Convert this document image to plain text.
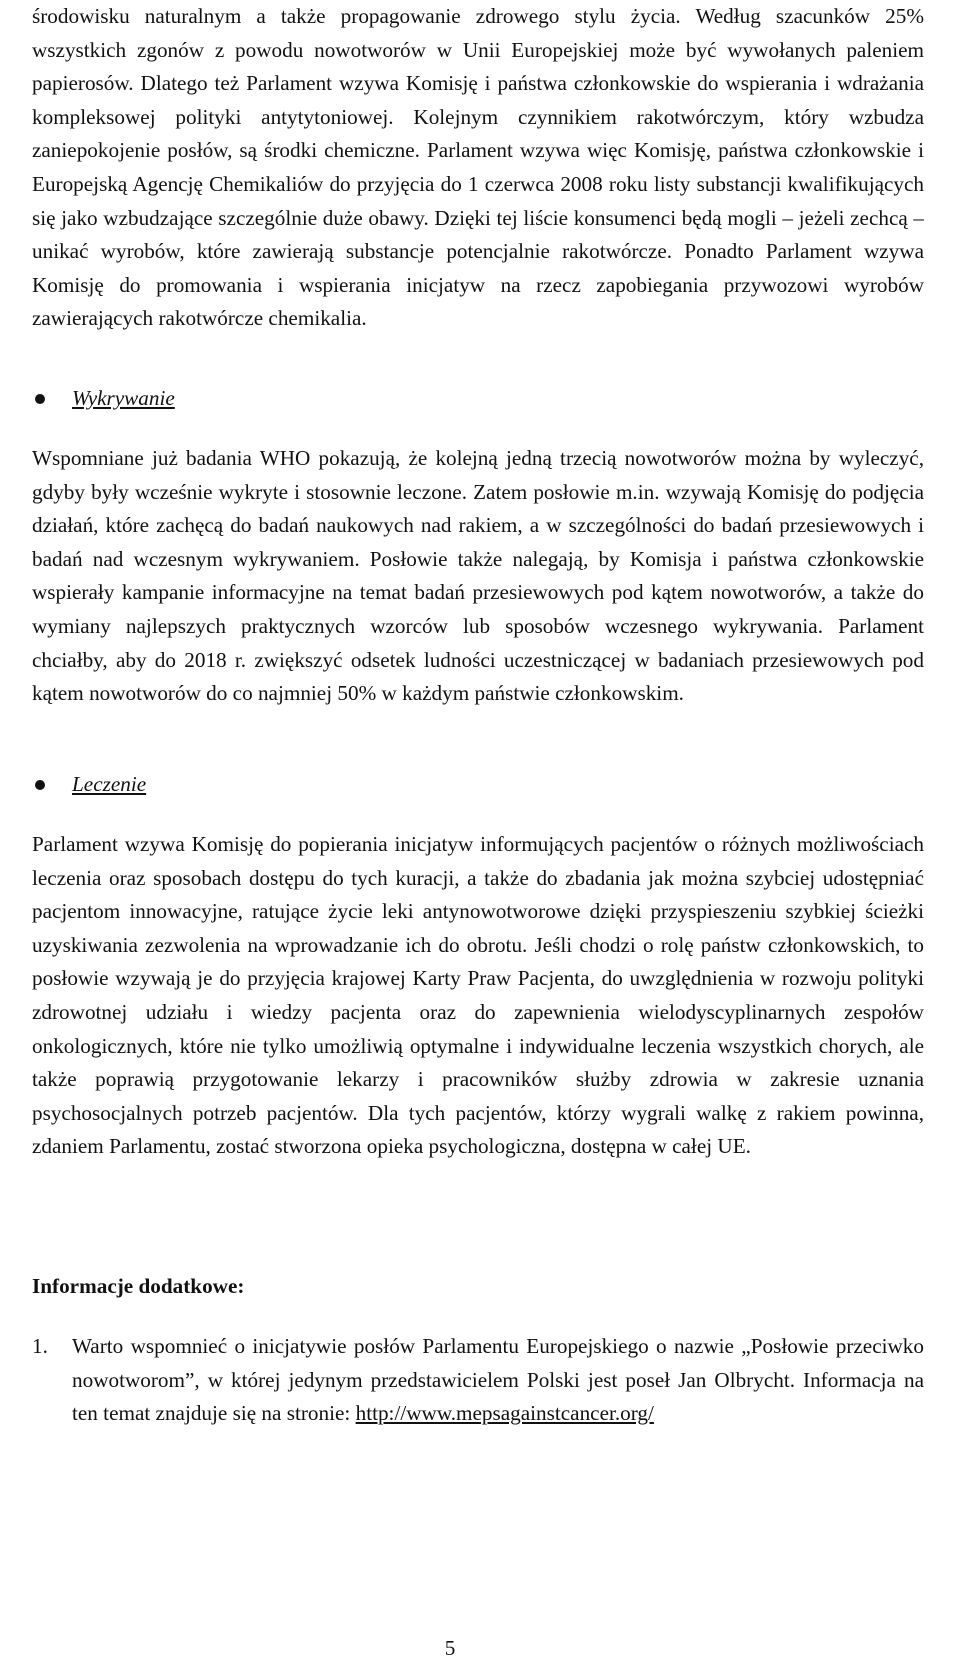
środowisku naturalnym a także propagowanie zdrowego stylu życia. Według szacunków 25% wszystkich zgonów z powodu nowotworów w Unii Europejskiej może być wywołanych paleniem papierosów. Dlatego też Parlament wzywa Komisję i państwa członkowskie do wspierania i wdrażania kompleksowej polityki antytytoniowej. Kolejnym czynnikiem rakotwórczym, który wzbudza zaniepokojenie posłów, są środki chemiczne. Parlament wzywa więc Komisję, państwa członkowskie i Europejską Agencję Chemikaliów do przyjęcia do 1 czerwca 2008 roku listy substancji kwalifikujących się jako wzbudzające szczególnie duże obawy. Dzięki tej liście konsumenci będą mogli – jeżeli zechcą – unikać wyrobów, które zawierają substancje potencjalnie rakotwórcze. Ponadto Parlament wzywa Komisję do promowania i wspierania inicjatyw na rzecz zapobiegania przywozowi wyrobów zawierających rakotwórcze chemikalia.

Wykrywanie

Wspomniane już badania WHO pokazują, że kolejną jedną trzecią nowotworów można by wyleczyć, gdyby były wcześnie wykryte i stosownie leczone. Zatem posłowie m.in. wzywają Komisję do podjęcia działań, które zachęcą do badań naukowych nad rakiem, a w szczególności do badań przesiewowych i badań nad wczesnym wykrywaniem. Posłowie także nalegają, by Komisja i państwa członkowskie wspierały kampanie informacyjne na temat badań przesiewowych pod kątem nowotworów, a także do wymiany najlepszych praktycznych wzorców lub sposobów wczesnego wykrywania. Parlament chciałby, aby do 2018 r. zwiększyć odsetek ludności uczestniczącej w badaniach przesiewowych pod kątem nowotworów do co najmniej 50% w każdym państwie członkowskim.

Leczenie

Parlament wzywa Komisję do popierania inicjatyw informujących pacjentów o różnych możliwościach leczenia oraz sposobach dostępu do tych kuracji, a także do zbadania jak można szybciej udostępniać pacjentom innowacyjne, ratujące życie leki antynowotworowe dzięki przyspieszeniu szybkiej ścieżki uzyskiwania zezwolenia na wprowadzanie ich do obrotu. Jeśli chodzi o rolę państw członkowskich, to posłowie wzywają je do przyjęcia krajowej Karty Praw Pacjenta, do uwzględnienia w rozwoju polityki zdrowotnej udziału i wiedzy pacjenta oraz do zapewnienia wielodyscyplinarnych zespołów onkologicznych, które nie tylko umożliwią optymalne i indywidualne leczenia wszystkich chorych, ale także poprawią przygotowanie lekarzy i pracowników służby zdrowia w zakresie uznania psychosocjalnych potrzeb pacjentów. Dla tych pacjentów, którzy wygrali walkę z rakiem powinna, zdaniem Parlamentu, zostać stworzona opieka psychologiczna, dostępna w całej UE.

Informacje dodatkowe:
1. Warto wspomnieć o inicjatywie posłów Parlamentu Europejskiego o nazwie „Posłowie przeciwko nowotworom”, w której jedynym przedstawicielem Polski jest poseł Jan Olbrycht. Informacja na ten temat znajduje się na stronie: http://www.mepsagainstcancer.org/
5
